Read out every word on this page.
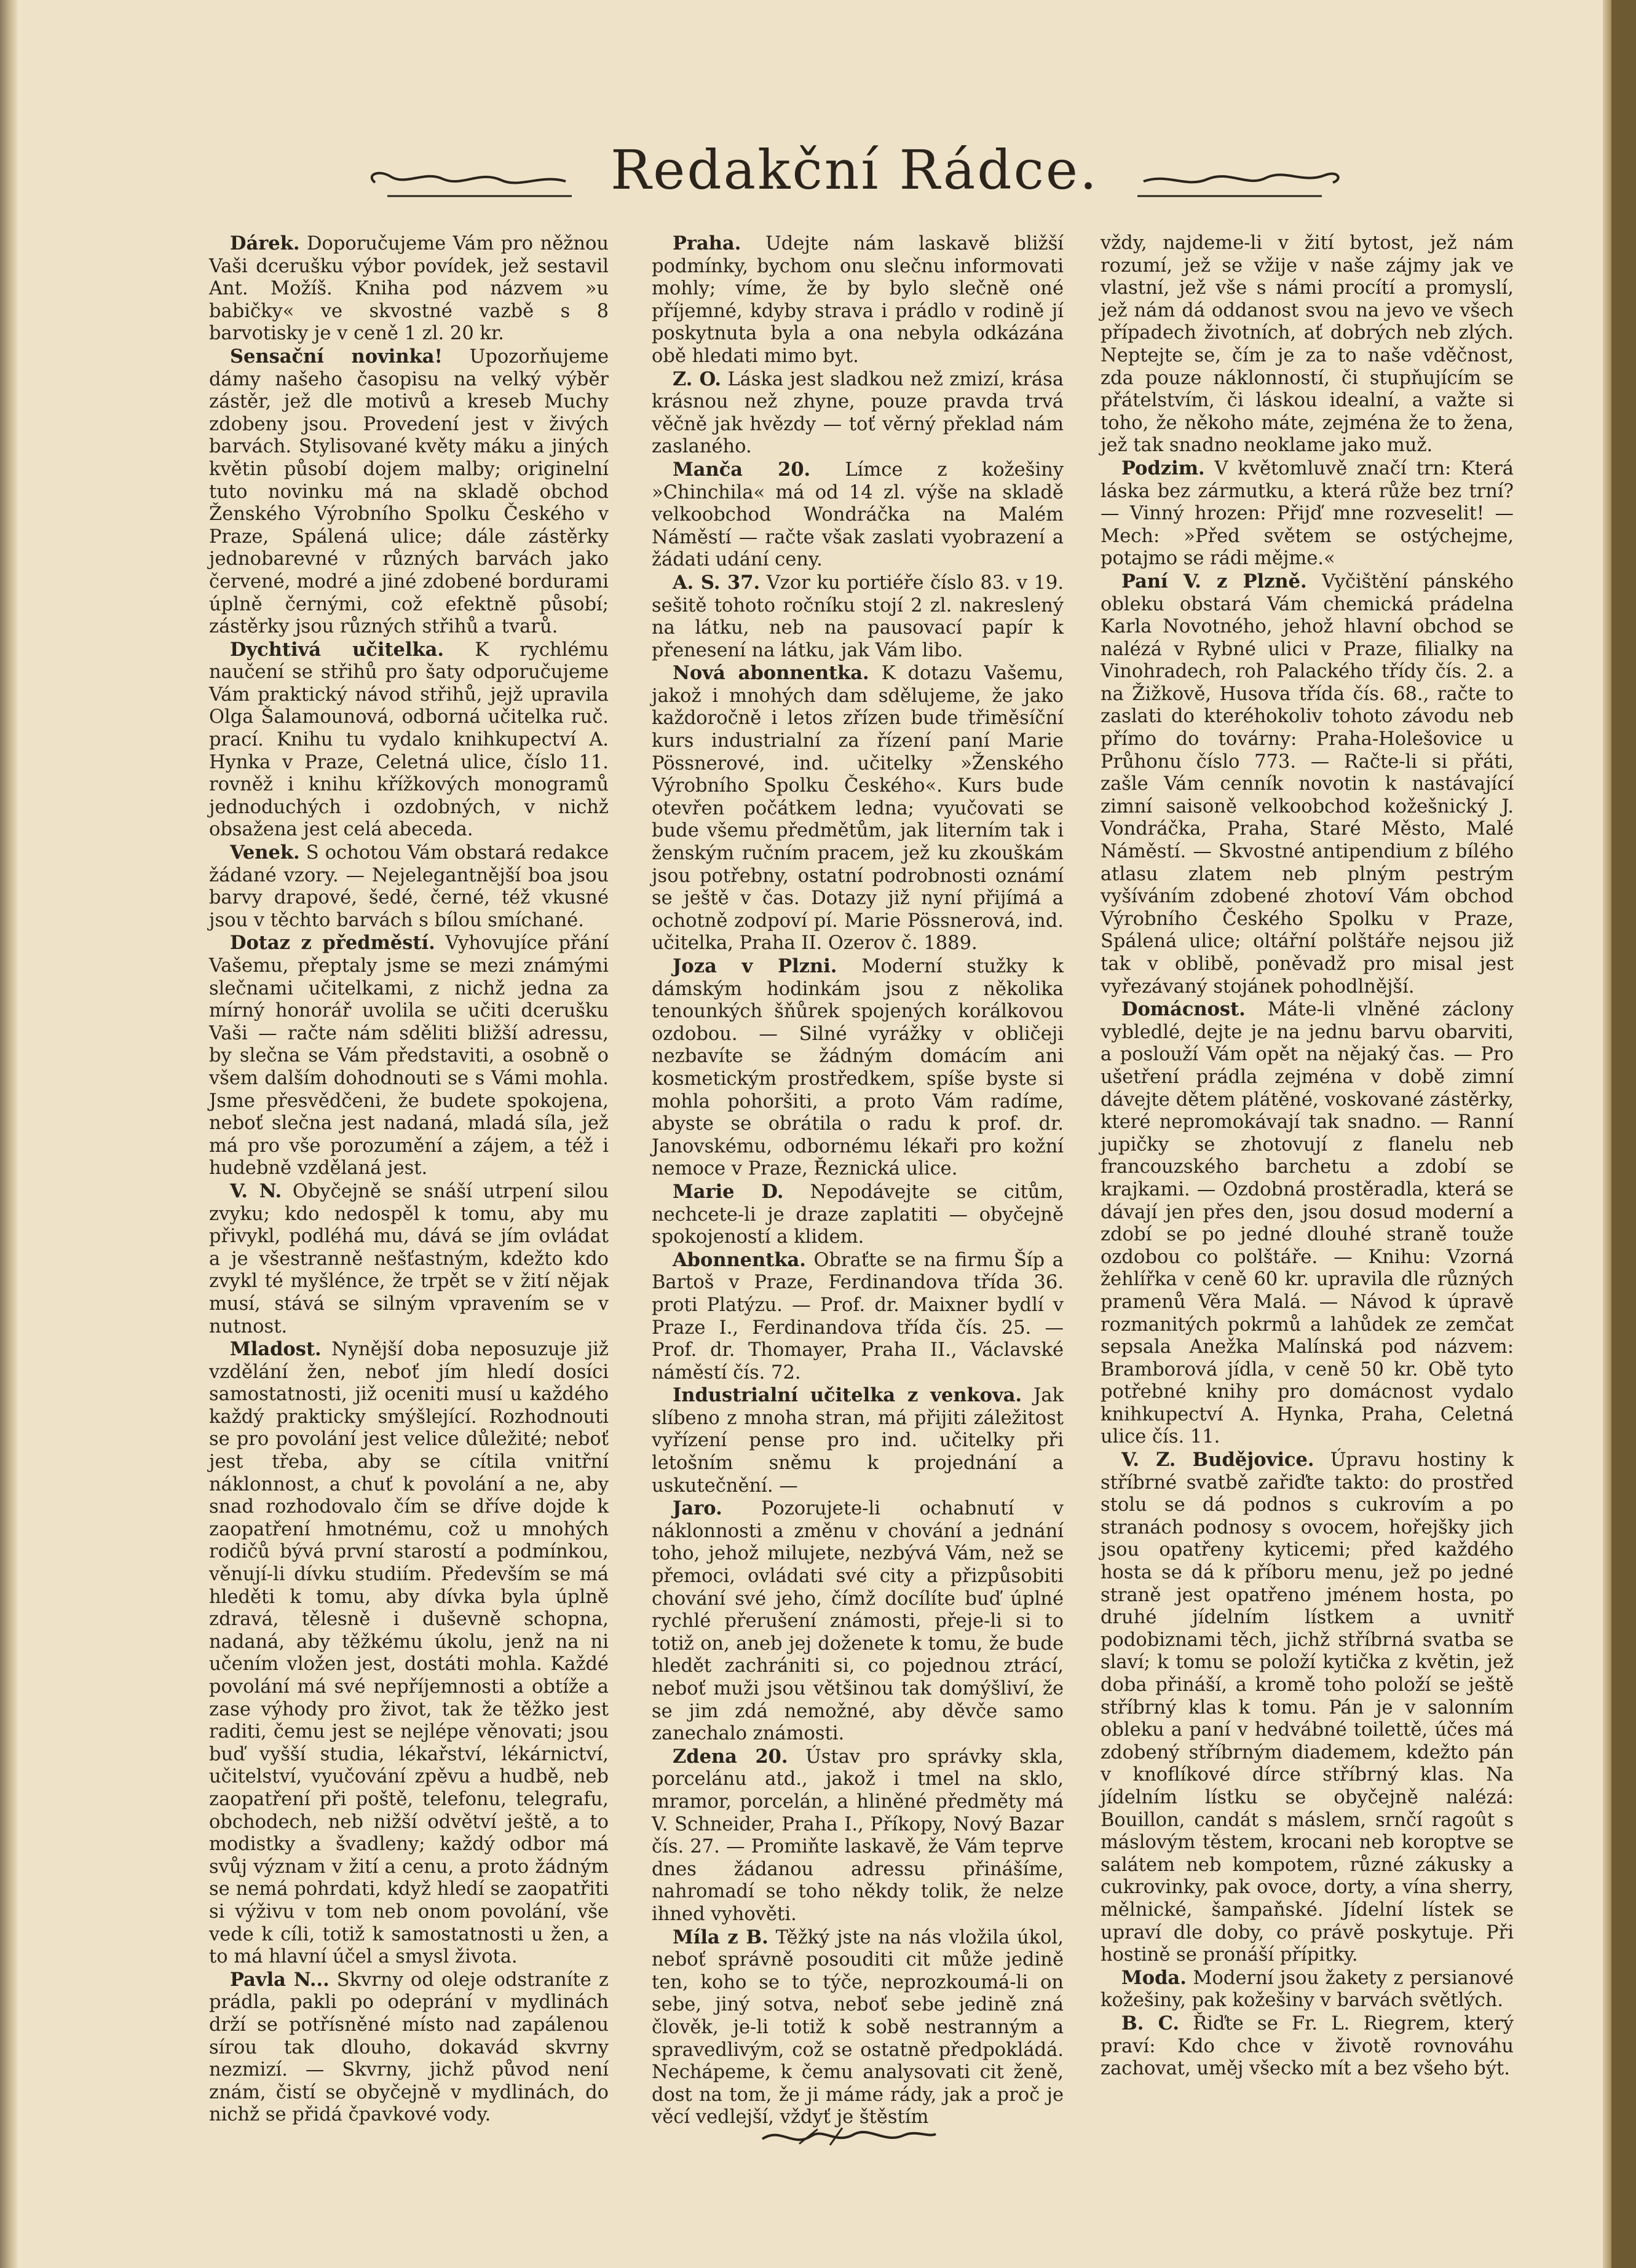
Redakční Rádce.

Dárek. Doporučujeme Vám pro něžnou Vaši dcerušku výbor povídek, jež sestavil Ant. Možíš. Kniha pod názvem »u babičky« ve skvostné vazbě s 8 barvotisky je v ceně 1 zl. 20 kr.

Sensační novinka! Upozorňujeme dámy našeho časopisu na velký výběr zástěr, jež dle motivů a kreseb Muchy zdobeny jsou. Provedení jest v živých barvách. Stylisované květy máku a jiných květin působí dojem malby; originelní tuto novinku má na skladě obchod Ženského Výrobního Spolku Českého v Praze, Spálená ulice; dále zástěrky jednobarevné v různých barvách jako červené, modré a jiné zdobené bordurami úplně černými, což efektně působí; zástěrky jsou různých střihů a tvarů.

Dychtivá učitelka. K rychlému naučení se střihů pro šaty odporučujeme Vám praktický návod střihů, jejž upravila Olga Šalamounová, odborná učitelka ruč. prací. Knihu tu vydalo knihkupectví A. Hynka v Praze, Celetná ulice, číslo 11. rovněž i knihu křížkových monogramů jednoduchých i ozdobných, v nichž obsažena jest celá abeceda.

Venek. S ochotou Vám obstará redakce žádané vzory. — Nejelegantnější boa jsou barvy drapové, šedé, černé, též vkusné jsou v těchto barvách s bílou smíchané.

Dotaz z předměstí. Vyhovujíce přání Vašemu, přeptaly jsme se mezi známými slečnami učitelkami, z nichž jedna za mírný honorář uvolila se učiti dcerušku Vaši — račte nám sděliti bližší adressu, by slečna se Vám představiti, a osobně o všem dalším dohodnouti se s Vámi mohla. Jsme přesvědčeni, že budete spokojena, neboť slečna jest nadaná, mladá síla, jež má pro vše porozumění a zájem, a též i hudebně vzdělaná jest.

V. N. Obyčejně se snáší utrpení silou zvyku; kdo nedospěl k tomu, aby mu přivykl, podléhá mu, dává se jím ovládat a je všestranně nešťastným, kdežto kdo zvykl té myšlénce, že trpět se v žití nějak musí, stává se silným vpravením se v nutnost.

Mladost. Nynější doba neposuzuje již vzdělání žen, neboť jím hledí dosíci samostatnosti, již oceniti musí u každého každý prakticky smýšlející. Rozhodnouti se pro povolání jest velice důležité; neboť jest třeba, aby se cítila vnitřní náklonnost, a chuť k povolání a ne, aby snad rozhodovalo čím se dříve dojde k zaopatření hmotnému, což u mnohých rodičů bývá první starostí a podmínkou, věnují-li dívku studiím. Především se má hleděti k tomu, aby dívka byla úplně zdravá, tělesně i duševně schopna, nadaná, aby těžkému úkolu, jenž na ni učením vložen jest, dostáti mohla. Každé povolání má své nepříjemnosti a obtíže a zase výhody pro život, tak že těžko jest raditi, čemu jest se nejlépe věnovati; jsou buď vyšší studia, lékařství, lékárnictví, učitelství, vyučování zpěvu a hudbě, neb zaopatření při poště, telefonu, telegrafu, obchodech, neb nižší odvětví ještě, a to modistky a švadleny; každý odbor má svůj význam v žití a cenu, a proto žádným se nemá pohrdati, když hledí se zaopatřiti si výživu v tom neb onom povolání, vše vede k cíli, totiž k samostatnosti u žen, a to má hlavní účel a smysl života.

Pavla N... Skvrny od oleje odstraníte z prádla, pakli po odeprání v mydlinách drží se potřísněné místo nad zapálenou sírou tak dlouho, dokavád skvrny nezmizí. — Skvrny, jichž původ není znám, čistí se obyčejně v mydlinách, do nichž se přidá čpavkové vody.

Praha. Udejte nám laskavě bližší podmínky, bychom onu slečnu informovati mohly; víme, že by bylo slečně oné příjemné, kdyby strava i prádlo v rodině jí poskytnuta byla a ona nebyla odkázána obě hledati mimo byt.

Z. O. Láska jest sladkou než zmizí, krása krásnou než zhyne, pouze pravda trvá věčně jak hvězdy — toť věrný překlad nám zaslaného.

Manča 20. Límce z kožešiny »Chinchila« má od 14 zl. výše na skladě velkoobchod Wondráčka na Malém Náměstí — račte však zaslati vyobrazení a žádati udání ceny.

A. S. 37. Vzor ku portiéře číslo 83. v 19. sešitě tohoto ročníku stojí 2 zl. nakreslený na látku, neb na pausovací papír k přenesení na látku, jak Vám libo.

Nová abonnentka. K dotazu Vašemu, jakož i mnohých dam sdělujeme, že jako každoročně i letos zřízen bude třiměsíční kurs industrialní za řízení paní Marie Pössnerové, ind. učitelky »Ženského Výrobního Spolku Českého«. Kurs bude otevřen počátkem ledna; vyučovati se bude všemu předmětům, jak literním tak i ženským ručním pracem, jež ku zkouškám jsou potřebny, ostatní podrobnosti oznámí se ještě v čas. Dotazy již nyní přijímá a ochotně zodpoví pí. Marie Pössnerová, ind. učitelka, Praha II. Ozerov č. 1889.

Joza v Plzni. Moderní stužky k dámským hodinkám jsou z několika tenounkých šňůrek spojených korálkovou ozdobou. — Silné vyrážky v obličeji nezbavíte se žádným domácím ani kosmetickým prostředkem, spíše byste si mohla pohoršiti, a proto Vám radíme, abyste se obrátila o radu k prof. dr. Janovskému, odbornému lékaři pro kožní nemoce v Praze, Řeznická ulice.

Marie D. Nepodávejte se citům, nechcete-li je draze zaplatiti — obyčejně spokojeností a klidem.

Abonnentka. Obraťte se na firmu Šíp a Bartoš v Praze, Ferdinandova třída 36. proti Platýzu. — Prof. dr. Maixner bydlí v Praze I., Ferdinandova třída čís. 25. — Prof. dr. Thomayer, Praha II., Václavské náměstí čís. 72.

Industrialní učitelka z venkova. Jak slíbeno z mnoha stran, má přijiti záležitost vyřízení pense pro ind. učitelky při letošním sněmu k projednání a uskutečnění. —

Jaro. Pozorujete-li ochabnutí v náklonnosti a změnu v chování a jednání toho, jehož milujete, nezbývá Vám, než se přemoci, ovládati své city a přizpůsobiti chování své jeho, čímž docílíte buď úplné rychlé přerušení známosti, přeje-li si to totiž on, aneb jej doženete k tomu, že bude hledět zachrániti si, co pojednou ztrácí, neboť muži jsou většinou tak domýšliví, že se jim zdá nemožné, aby děvče samo zanechalo známosti.

Zdena 20. Ústav pro správky skla, porcelánu atd., jakož i tmel na sklo, mramor, porcelán, a hliněné předměty má V. Schneider, Praha I., Příkopy, Nový Bazar čís. 27. — Promiňte laskavě, že Vám teprve dnes žádanou adressu přinášíme, nahromadí se toho někdy tolik, že nelze ihned vyhověti.

Míla z B. Těžký jste na nás vložila úkol, neboť správně posouditi cit může jedině ten, koho se to týče, neprozkoumá-li on sebe, jiný sotva, neboť sebe jedině zná člověk, je-li totiž k sobě nestranným a spravedlivým, což se ostatně předpokládá. Nechápeme, k čemu analysovati cit ženě, dost na tom, že ji máme rády, jak a proč je věcí vedlejší, vždyť je štěstím

vždy, najdeme-li v žití bytost, jež nám rozumí, jež se vžije v naše zájmy jak ve vlastní, jež vše s námi procítí a promyslí, jež nám dá oddanost svou na jevo ve všech případech životních, ať dobrých neb zlých. Neptejte se, čím je za to naše vděčnost, zda pouze náklonností, či stupňujícím se přátelstvím, či láskou idealní, a važte si toho, že někoho máte, zejména že to žena, jež tak snadno neoklame jako muž.

Podzim. V květomluvě značí trn: Která láska bez zármutku, a která růže bez trní? — Vinný hrozen: Přijď mne rozveselit! — Mech: »Před světem se ostýchejme, potajmo se rádi mějme.«

Paní V. z Plzně. Vyčištění pánského obleku obstará Vám chemická prádelna Karla Novotného, jehož hlavní obchod se nalézá v Rybné ulici v Praze, filialky na Vinohradech, roh Palackého třídy čís. 2. a na Žižkově, Husova třída čís. 68., račte to zaslati do kteréhokoliv tohoto závodu neb přímo do továrny: Praha-Holešovice u Průhonu číslo 773. — Račte-li si přáti, zašle Vám cenník novotin k nastávající zimní saisoně velkoobchod kožešnický J. Vondráčka, Praha, Staré Město, Malé Náměstí. — Skvostné antipendium z bílého atlasu zlatem neb plným pestrým vyšíváním zdobené zhotoví Vám obchod Výrobního Českého Spolku v Praze, Spálená ulice; oltářní polštáře nejsou již tak v oblibě, poněvadž pro misal jest vyřezávaný stojánek pohodlnější.

Domácnost. Máte-li vlněné záclony vybledlé, dejte je na jednu barvu obarviti, a poslouží Vám opět na nějaký čas. — Pro ušetření prádla zejména v době zimní dávejte dětem plátěné, voskované zástěrky, které nepromokávají tak snadno. — Ranní jupičky se zhotovují z flanelu neb francouzského barchetu a zdobí se krajkami. — Ozdobná prostěradla, která se dávají jen přes den, jsou dosud moderní a zdobí se po jedné dlouhé straně touže ozdobou co polštáře. — Knihu: Vzorná žehlířka v ceně 60 kr. upravila dle různých pramenů Věra Malá. — Návod k úpravě rozmanitých pokrmů a lahůdek ze zemčat sepsala Anežka Malínská pod názvem: Bramborová jídla, v ceně 50 kr. Obě tyto potřebné knihy pro domácnost vydalo knihkupectví A. Hynka, Praha, Celetná ulice čís. 11.

V. Z. Budějovice. Úpravu hostiny k stříbrné svatbě zařiďte takto: do prostřed stolu se dá podnos s cukrovím a po stranách podnosy s ovocem, hořejšky jich jsou opatřeny kyticemi; před každého hosta se dá k příboru menu, jež po jedné straně jest opatřeno jménem hosta, po druhé jídelním lístkem a uvnitř podobiznami těch, jichž stříbrná svatba se slaví; k tomu se položí kytička z květin, jež doba přináší, a kromě toho položí se ještě stříbrný klas k tomu. Pán je v salonním obleku a paní v hedvábné toilettě, účes má zdobený stříbrným diademem, kdežto pán v knoflíkové dírce stříbrný klas. Na jídelním lístku se obyčejně nalézá: Bouillon, candát s máslem, srnčí ragoût s máslovým těstem, krocani neb koroptve se salátem neb kompotem, různé zákusky a cukrovinky, pak ovoce, dorty, a vína sherry, mělnické, šampaňské. Jídelní lístek se upraví dle doby, co právě poskytuje. Při hostině se pronáší přípitky.

Moda. Moderní jsou žakety z persianové kožešiny, pak kožešiny v barvách světlých.

B. C. Řiďte se Fr. L. Riegrem, který praví: Kdo chce v životě rovnováhu zachovat, uměj všecko mít a bez všeho být.
